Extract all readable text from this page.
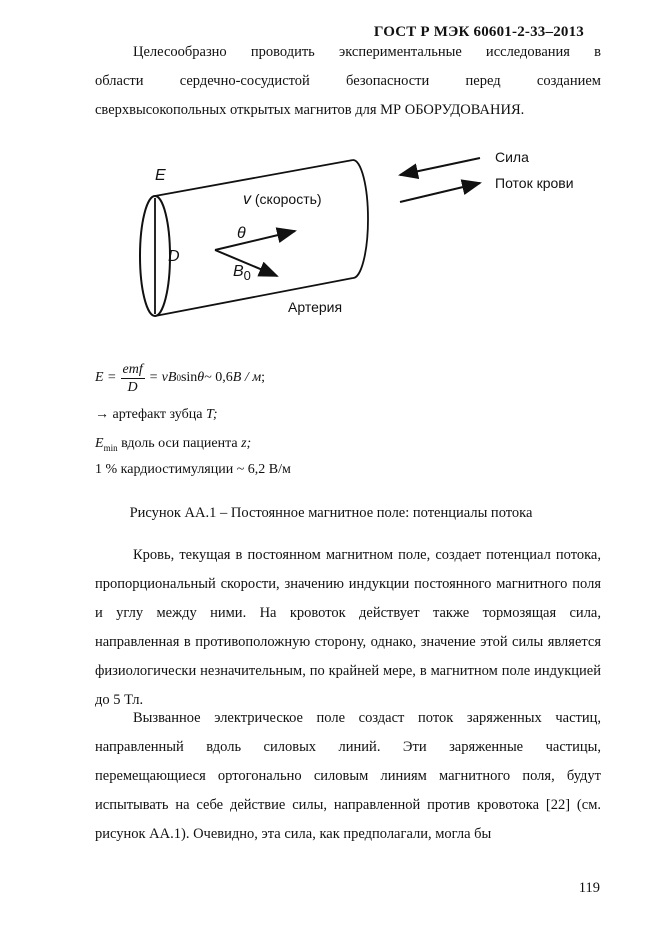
ГОСТ Р МЭК 60601-2-33–2013
Целесообразно проводить экспериментальные исследования в
области сердечно-сосудистой безопасности перед созданием
сверхвысокопольных открытых магнитов для МР ОБОРУДОВАНИЯ.
E
D
v (скорость)
θ
$B_0$
Артерия
Сила
Поток крови
$E = \frac{\text{emf}}{D} = v$ B 0 sin θ ~ 0,6 В / м ;
→ артефакт зубца T;
$E_{min}$ вдоль оси пациента z;
1 % кардиостимуляции ~ 6,2 В/м
Рисунок АА.1 – Постоянное магнитное поле: потенциалы потока
Кровь, текущая в постоянном магнитном поле, создает потенциал потока, пропорциональный скорости, значению индукции постоянного магнитного поля и углу между ними. На кровоток действует также тормозящая сила, направленная в противоположную сторону, однако, значение этой силы является физиологически незначительным, по крайней мере, в магнитном поле индукцией до 5 Тл.
Вызванное электрическое поле создаст поток заряженных частиц, направленный вдоль силовых линий. Эти заряженные частицы, перемещающиеся ортогонально силовым линиям магнитного поля, будут испытывать на себе действие силы, направленной против кровотока [22] (см. рисунок АА.1). Очевидно, эта сила, как предполагали, могла бы
119
